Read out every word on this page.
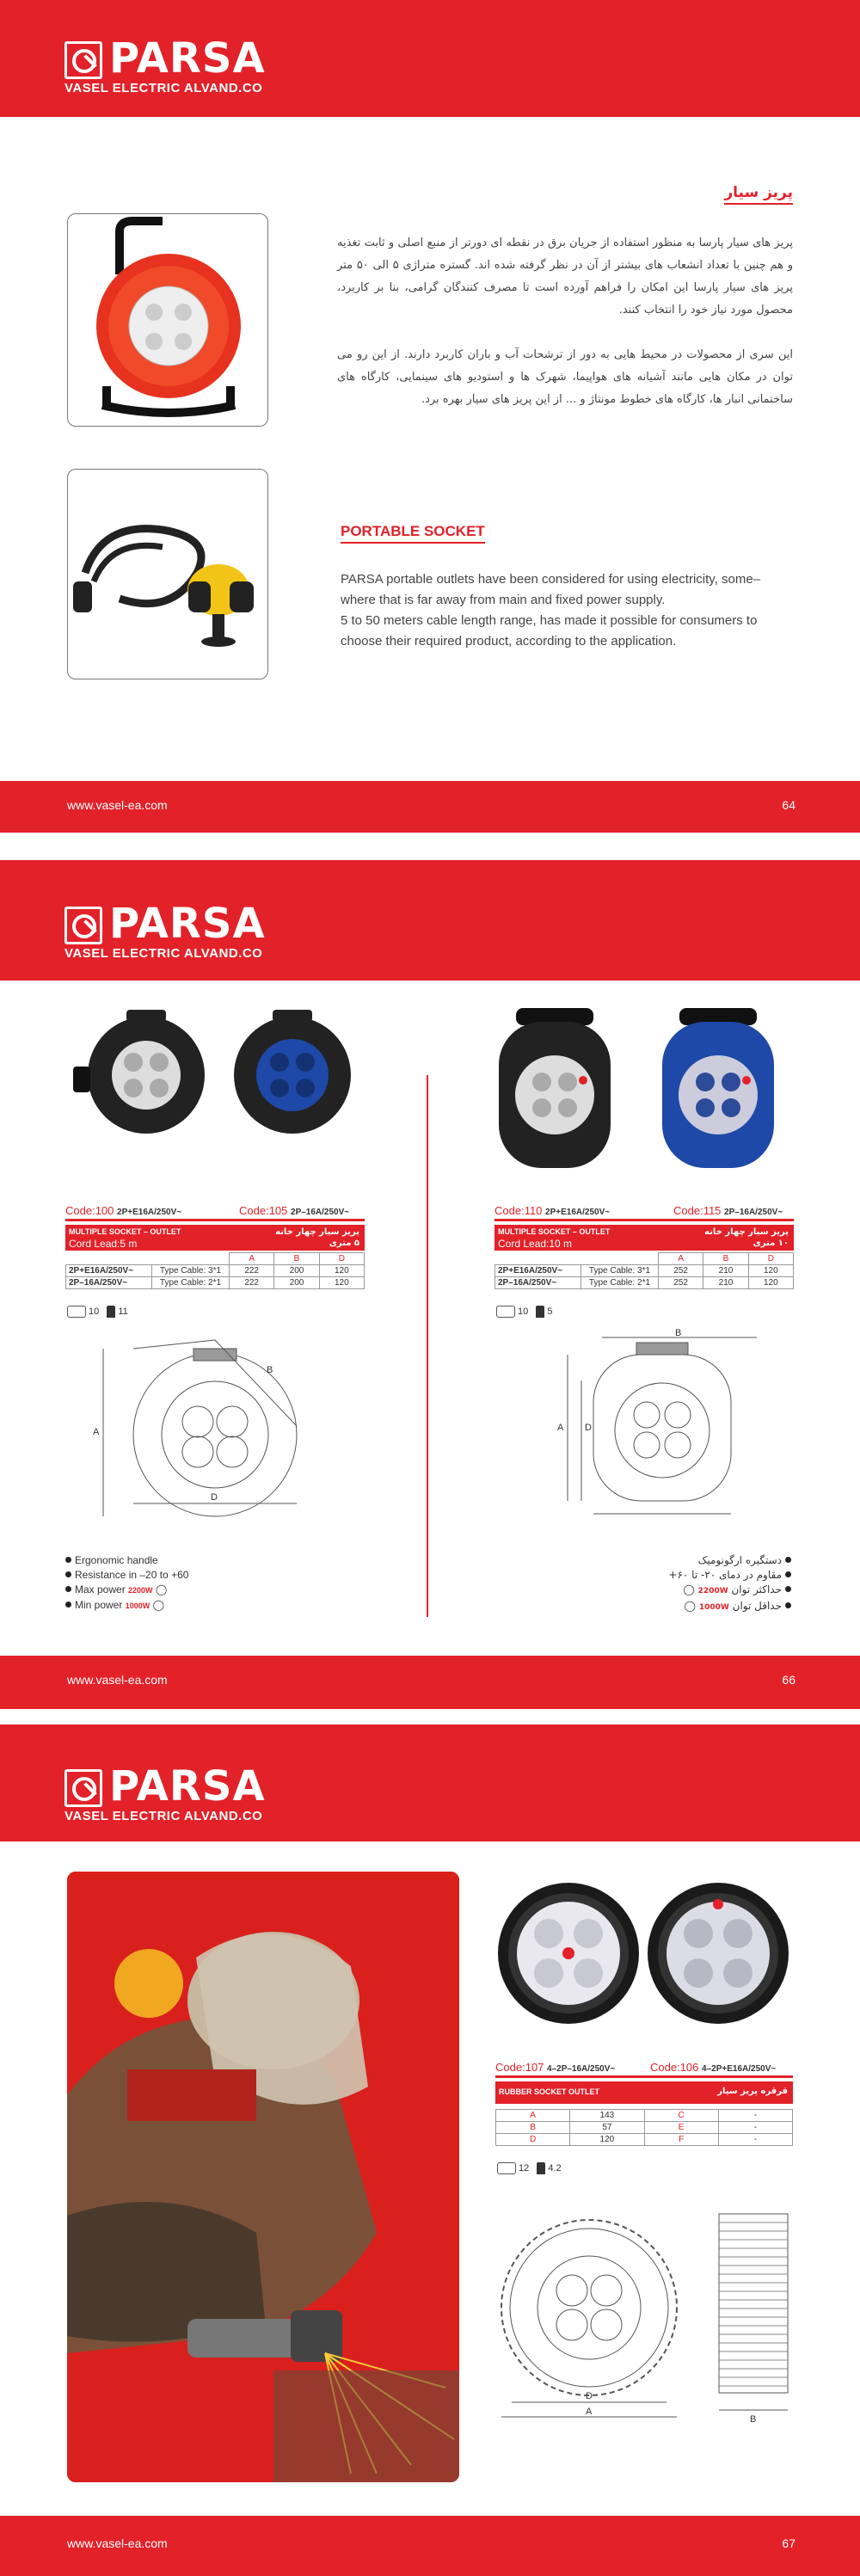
PARSA
VASEL ELECTRIC ALVAND.CO
پریز سیار
پریز های سیار پارسا به منظور استفاده از جریان برق در نقطه ای دورتر از منبع اصلی و ثابت تغذیه و هم چنین با تعداد انشعاب های بیشتر از آن در نظر گرفته شده اند. گستره متراژی ۵ الی ۵۰ متر پریز های سیار پارسا این امکان را فراهم آورده است تا مصرف کنندگان گرامی، بنا بر کاربرد، محصول مورد نیاز خود را انتخاب کنند.
این سری از محصولات در محیط هایی به دور از ترشحات آب و باران کاربرد دارند. از این رو می توان در مکان هایی مانند آشیانه های هواپیما، شهرک ها و استودیو های سینمایی، کارگاه های ساختمانی انبار ها، کارگاه های خطوط مونتاژ و ... از این پریز های سیار بهره برد.
PORTABLE SOCKET
PARSA portable outlets have been considered for using electricity, some–
where that is far away from main and fixed power supply.
5 to 50 meters cable length range, has made it possible for consumers to
choose their required product, according to the application.
www.vasel-ea.com	64
PARSA
VASEL ELECTRIC ALVAND.CO
Code:100 2P+E16A/250V~	Code:105 2P–16A/250V~
MULTIPLE SOCKET – OUTLET
Cord Lead:5 m
پریز سیار چهار خانه
۵ متری
		A	B	D
2P+E16A/250V~	Type Cable: 3*1	222	200	120
2P–16A/250V~	Type Cable: 2*1	222	200	120
10 11
A
B
D
Ergonomic handle
Resistance in –20 to +60
Max power 2200W ◯
Min power 1000W ◯
Code:110 2P+E16A/250V~	Code:115 2P–16A/250V~
MULTIPLE SOCKET – OUTLET
Cord Lead:10 m
پریز سیار چهار خانه
۱۰ متری
		A	B	D
2P+E16A/250V~	Type Cable: 3*1	252	210	120
2P–16A/250V~	Type Cable: 2*1	252	210	120
10 5
A
B
D
دستگیره ارگونومیک
مقاوم در دمای ۲۰- تا ۶۰+
حداکثر توان 2200W ◯
حداقل توان 1000W ◯
www.vasel-ea.com	66
PARSA
VASEL ELECTRIC ALVAND.CO
Code:107 4–2P–16A/250V~	Code:106 4–2P+E16A/250V~
RUBBER SOCKET OUTLET	قرقره پریز سیار
A	143	C	-
B	57	E	-
D	120	F	-
12 4.2
D
A
B
www.vasel-ea.com	67
